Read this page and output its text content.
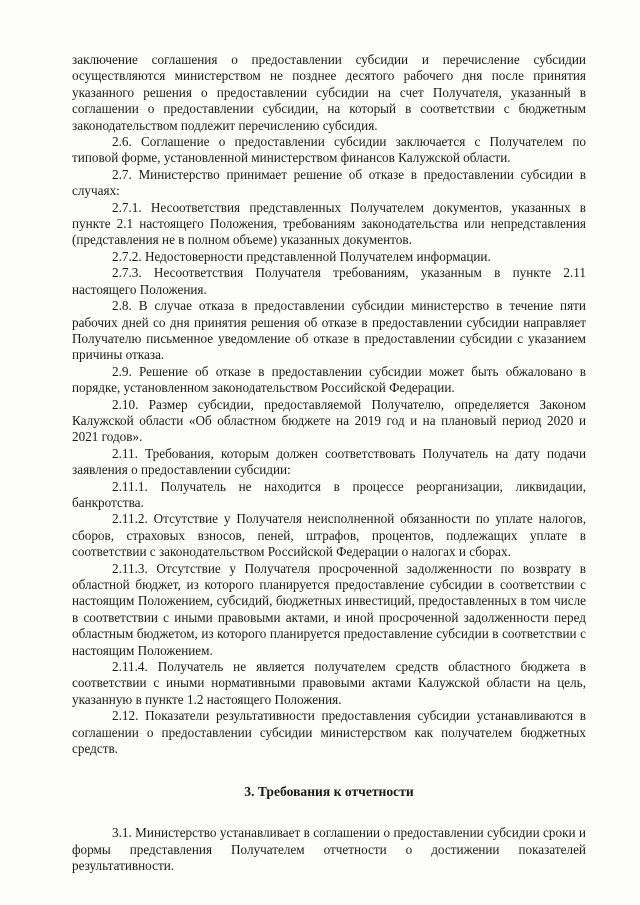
заключение соглашения о предоставлении субсидии и перечисление субсидии осуществляются министерством не позднее десятого рабочего дня после принятия указанного решения о предоставлении субсидии на счет Получателя, указанный в соглашении о предоставлении субсидии, на который в соответствии с бюджетным законодательством подлежит перечислению субсидия.

2.6. Соглашение о предоставлении субсидии заключается с Получателем по типовой форме, установленной министерством финансов Калужской области.

2.7. Министерство принимает решение об отказе в предоставлении субсидии в случаях:

2.7.1. Несоответствия представленных Получателем документов, указанных в пункте 2.1 настоящего Положения, требованиям законодательства или непредставления (представления не в полном объеме) указанных документов.

2.7.2. Недостоверности представленной Получателем информации.

2.7.3. Несоответствия Получателя требованиям, указанным в пункте 2.11 настоящего Положения.

2.8. В случае отказа в предоставлении субсидии министерство в течение пяти рабочих дней со дня принятия решения об отказе в предоставлении субсидии направляет Получателю письменное уведомление об отказе в предоставлении субсидии с указанием причины отказа.

2.9. Решение об отказе в предоставлении субсидии может быть обжаловано в порядке, установленном законодательством Российской Федерации.

2.10. Размер субсидии, предоставляемой Получателю, определяется Законом Калужской области «Об областном бюджете на 2019 год и на плановый период 2020 и 2021 годов».

2.11. Требования, которым должен соответствовать Получатель на дату подачи заявления о предоставлении субсидии:

2.11.1. Получатель не находится в процессе реорганизации, ликвидации, банкротства.

2.11.2. Отсутствие у Получателя неисполненной обязанности по уплате налогов, сборов, страховых взносов, пеней, штрафов, процентов, подлежащих уплате в соответствии с законодательством Российской Федерации о налогах и сборах.

2.11.3. Отсутствие у Получателя просроченной задолженности по возврату в областной бюджет, из которого планируется предоставление субсидии в соответствии с настоящим Положением, субсидий, бюджетных инвестиций, предоставленных в том числе в соответствии с иными правовыми актами, и иной просроченной задолженности перед областным бюджетом, из которого планируется предоставление субсидии в соответствии с настоящим Положением.

2.11.4. Получатель не является получателем средств областного бюджета в соответствии с иными нормативными правовыми актами Калужской области на цель, указанную в пункте 1.2 настоящего Положения.

2.12. Показатели результативности предоставления субсидии устанавливаются в соглашении о предоставлении субсидии министерством как получателем бюджетных средств.

3. Требования к отчетности

3.1. Министерство устанавливает в соглашении о предоставлении субсидии сроки и формы представления Получателем отчетности о достижении показателей результативности.
